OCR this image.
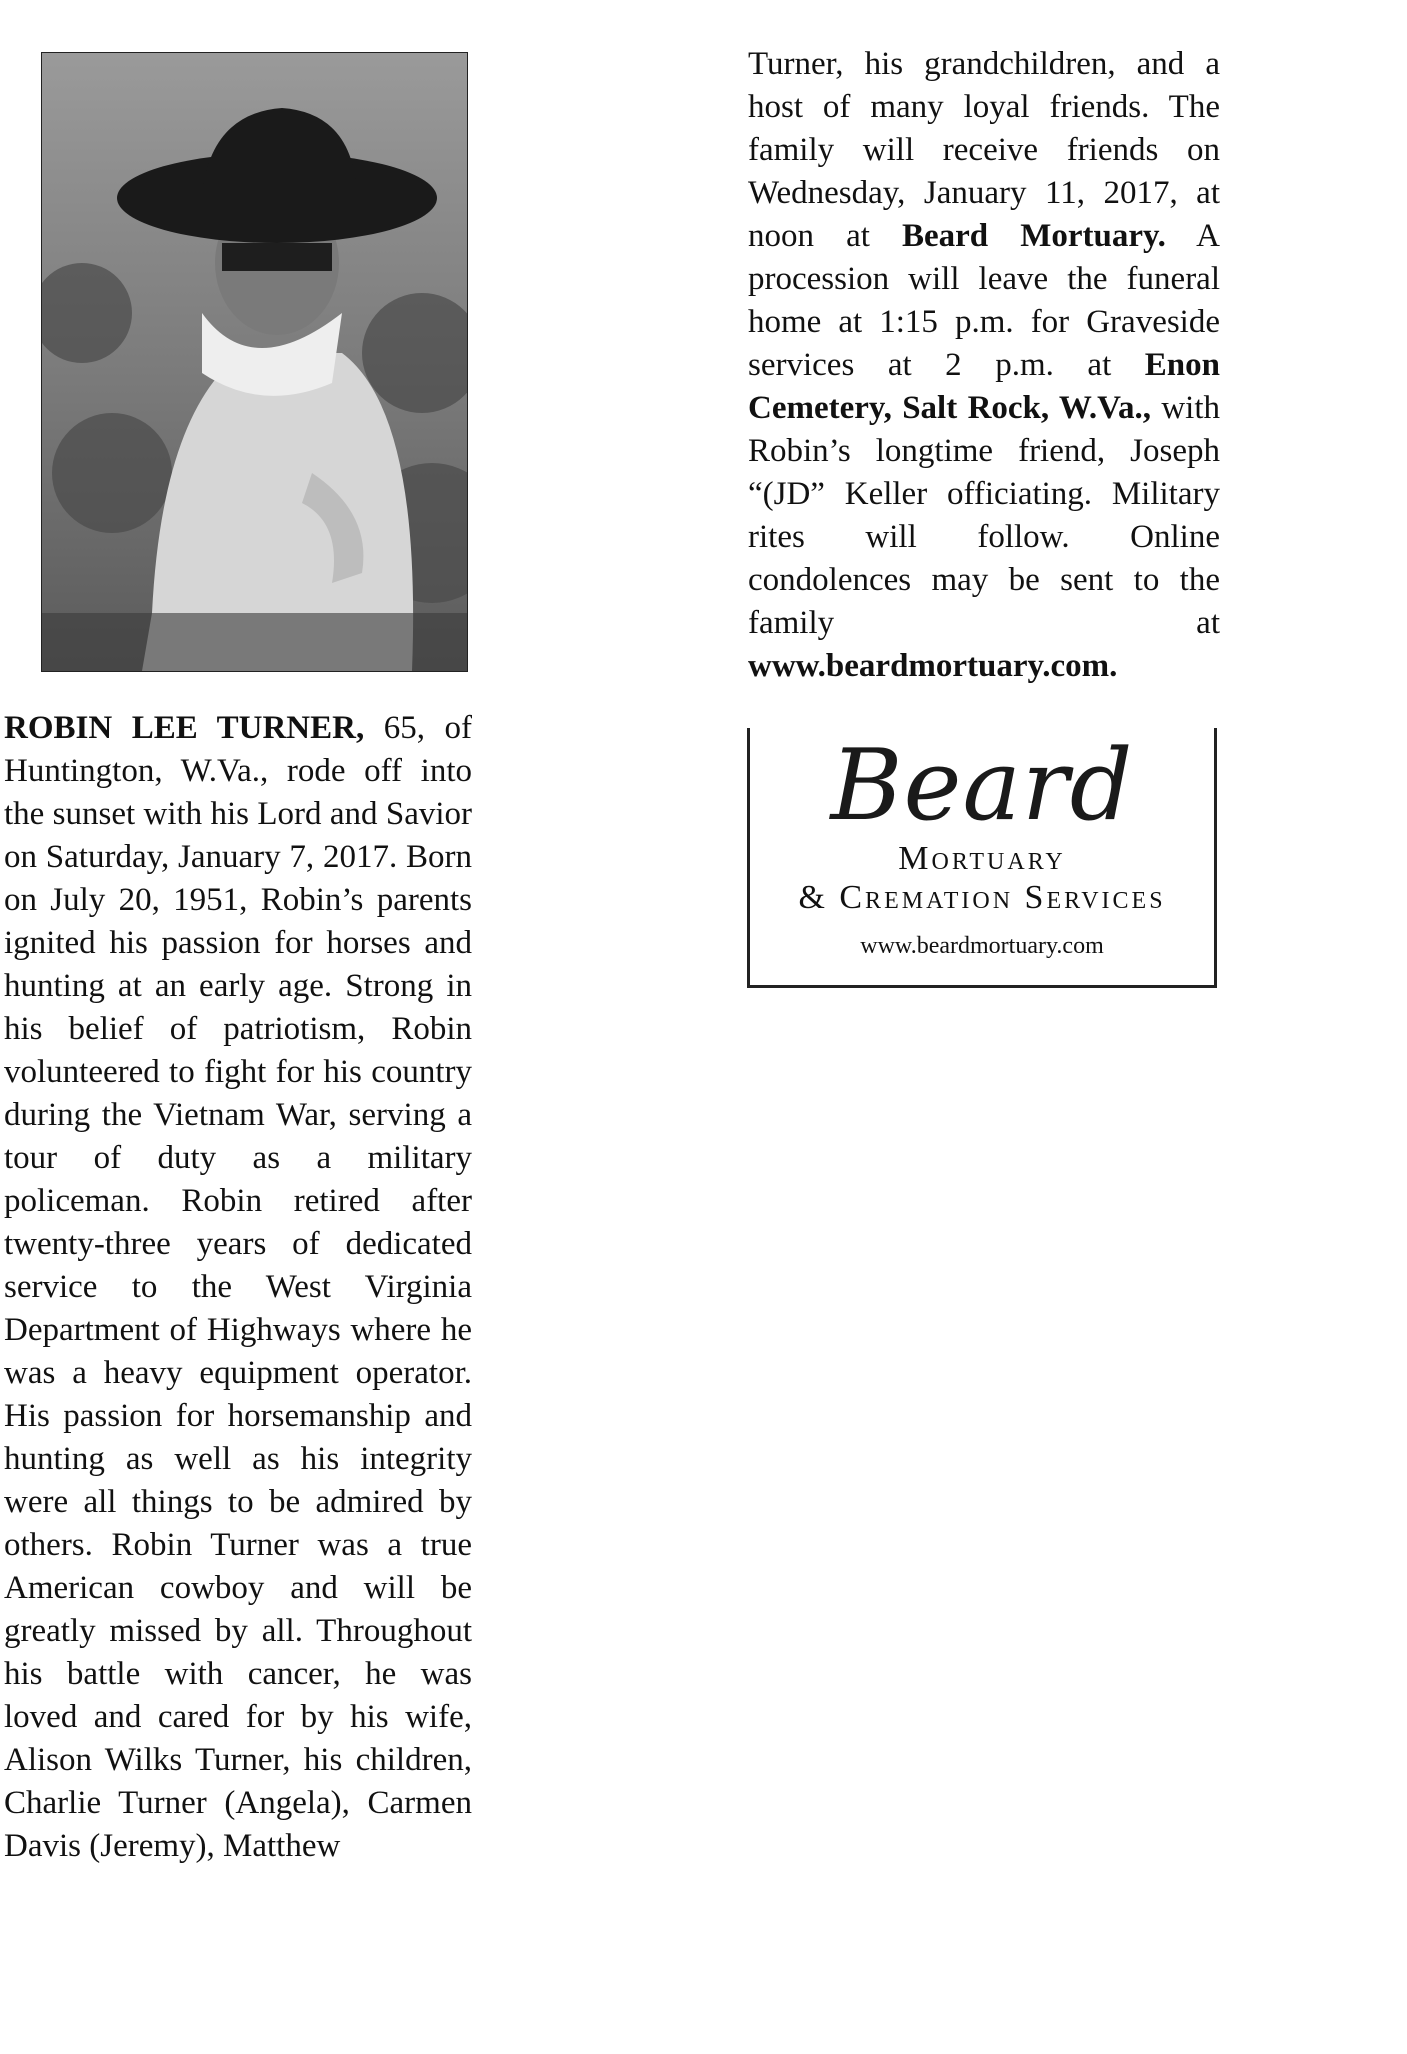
ROBIN LEE TURNER, 65, of Huntington, W.Va., rode off into the sunset with his Lord and Savior on Saturday, January 7, 2017. Born on July 20, 1951, Robin’s parents ignited his passion for horses and hunting at an early age. Strong in his belief of patriotism, Robin volunteered to fight for his country during the Vietnam War, serving a tour of duty as a military policeman. Robin retired after twenty-three years of dedicated service to the West Virginia Department of Highways where he was a heavy equipment operator. His passion for horsemanship and hunting as well as his integrity were all things to be admired by others. Robin Turner was a true American cowboy and will be greatly missed by all. Throughout his battle with cancer, he was loved and cared for by his wife, Alison Wilks Turner, his children, Charlie Turner (Angela), Carmen Davis (Jeremy), Matthew
Turner, his grandchildren, and a host of many loyal friends. The family will receive friends on Wednesday, January 11, 2017, at noon at Beard Mortuary. A procession will leave the funeral home at 1:15 p.m. for Graveside services at 2 p.m. at Enon Cemetery, Salt Rock, W.Va., with Robin’s longtime friend, Joseph “(JD” Keller officiating. Military rites will follow. Online condolences may be sent to the family at www.beardmortuary.com.
Beard
Mortuary
& Cremation Services
www.beardmortuary.com
